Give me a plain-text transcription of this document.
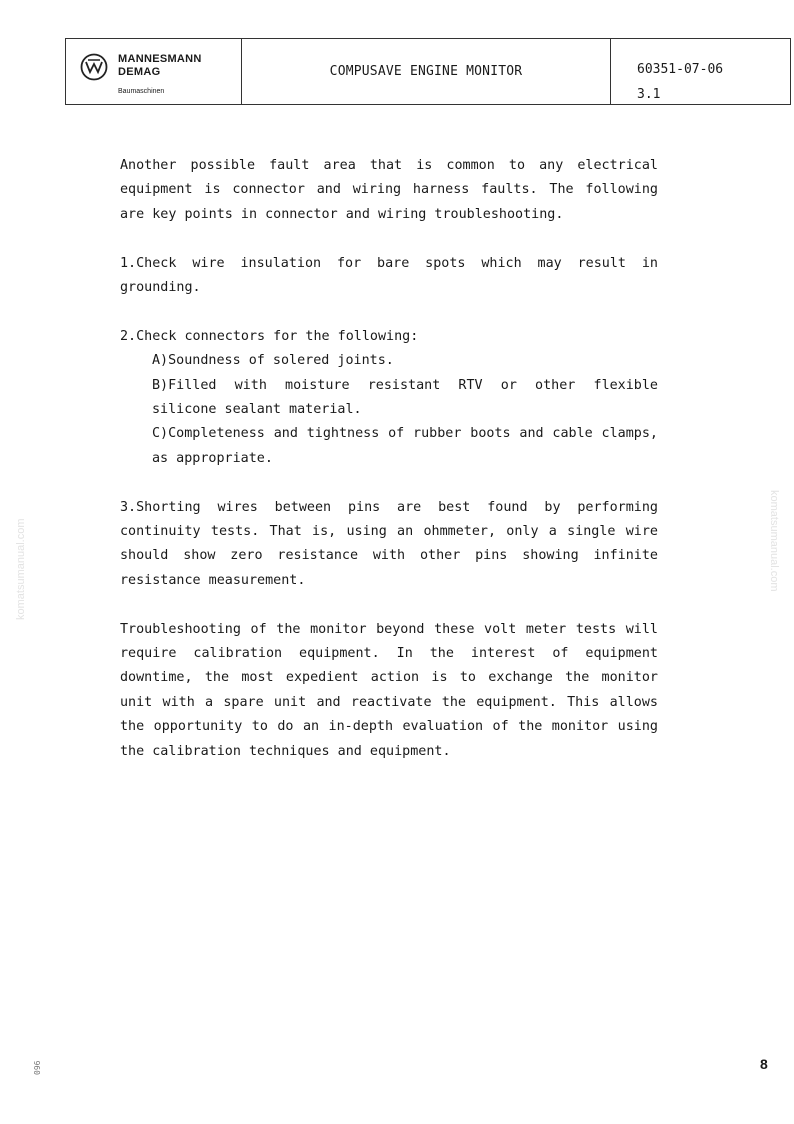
MANNESMANN
DEMAG
Baumaschinen
COMPUSAVE ENGINE MONITOR	60351-07-06
3.1

Another possible fault area that is common to any electrical equipment is connector and wiring harness faults. The following are key points in connector and wiring troubleshooting.

1.Check wire insulation for bare spots which may result in grounding.

2.Check connectors for the following:

A)Soundness of solered joints.

B)Filled with moisture resistant RTV or other flexible silicone sealant material.

C)Completeness and tightness of rubber boots and cable clamps, as appropriate.

3.Shorting wires between pins are best found by performing continuity tests. That is, using an ohmmeter, only a single wire should show zero resistance with other pins showing infinite resistance measurement.

Troubleshooting of the monitor beyond these volt meter tests will require calibration equipment. In the interest of equipment downtime, the most expedient action is to exchange the monitor unit with a spare unit and reactivate the equipment. This allows the opportunity to do an in-depth evaluation of the monitor using the calibration techniques and equipment.

komatsumanual.com	komatsumanual.com
096	8
